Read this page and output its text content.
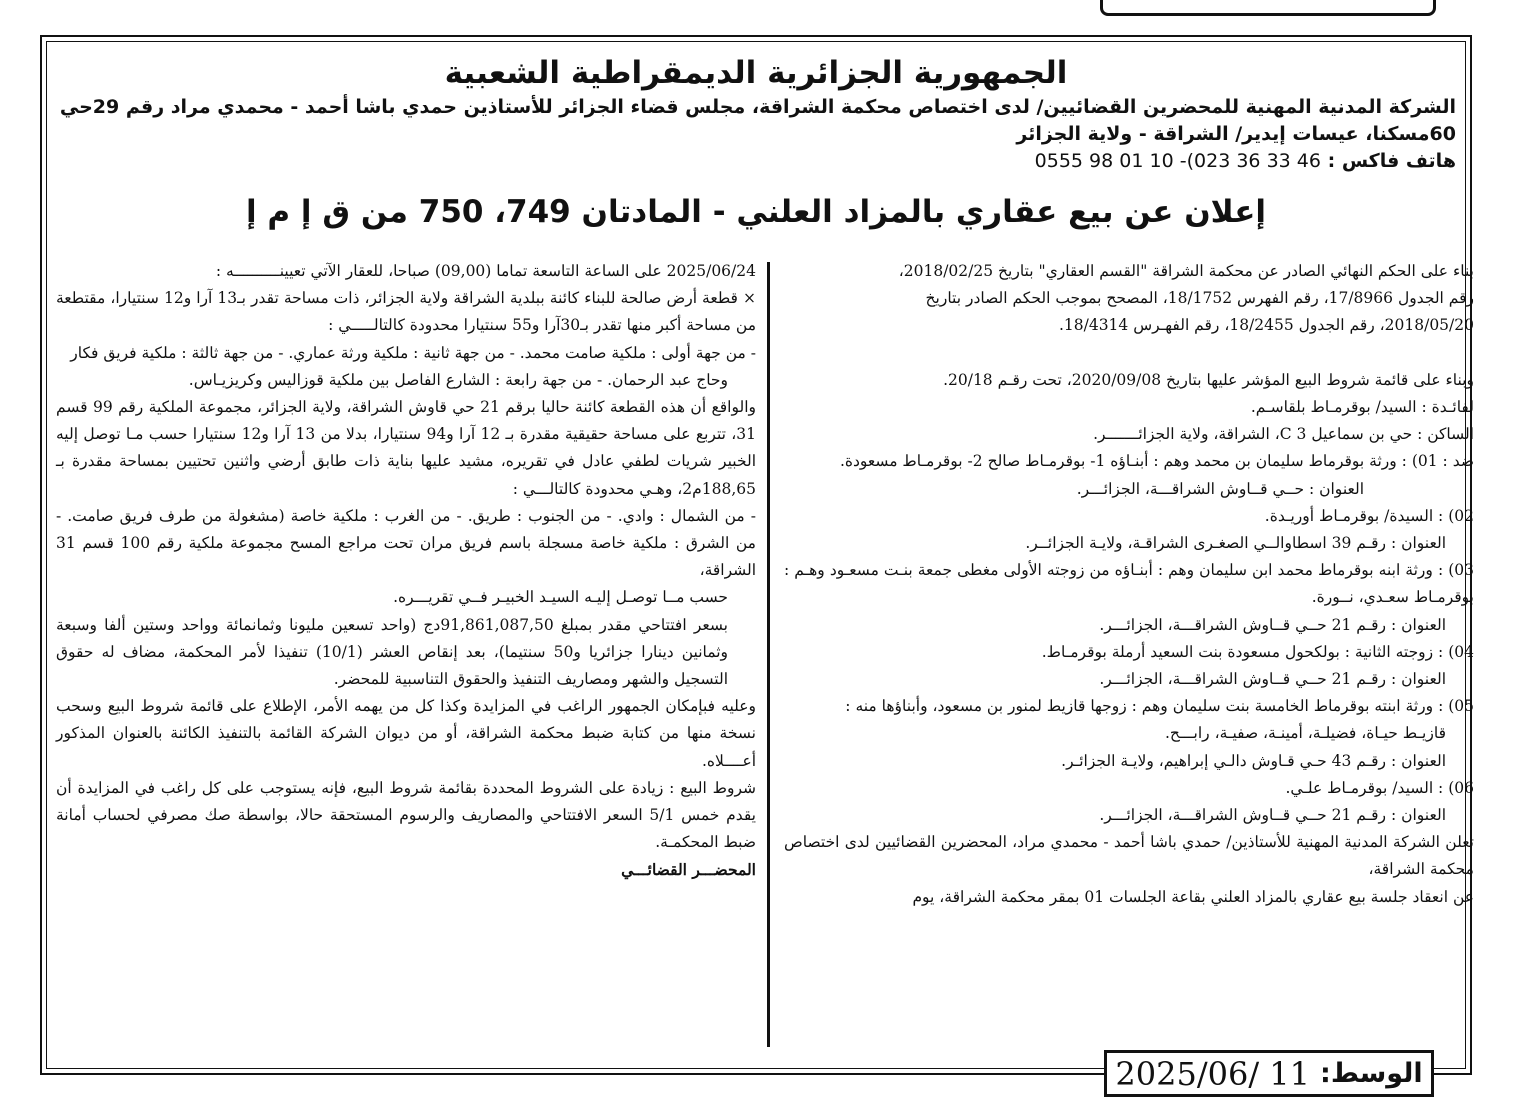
الجمهورية الجزائرية الديمقراطية الشعبية

الشركة المدنية المهنية للمحضرين القضائيين/ لدى اختصاص محكمة الشراقة، مجلس قضاء الجزائر للأستاذين حمدي باشا أحمد - محمدي مراد رقم 29حي

60مسكنا، عيسات إيدير/ الشراقة - ولاية الجزائر

هاتف فاكس : 46 33 36 023)- 10 01 98 0555

إعلان عن بيع عقاري بالمزاد العلني - المادتان 749، 750 من ق إ م إ

بناء على الحكم النهائي الصادر عن محكمة الشراقة "القسم العقاري" بتاريخ 2018/02/25،

رقم الجدول 17/8966، رقم الفهرس 18/1752، المصحح بموجب الحكم الصادر بتاريخ

2018/05/20، رقم الجدول 18/2455، رقم الفهـرس 18/4314.

وبناء على قائمة شروط البيع المؤشر عليها بتاريخ 2020/09/08، تحت رقـم 20/18.

لفائـدة : السيد/ بوقرمـاط بلقاسـم.

الساكن : حي بن سماعيل 3 C، الشراقة، ولاية الجزائـــــــر.

ضد : 01) : ورثة بوقرماط سليمان بن محمد وهم : أبنـاؤه 1- بوقرمـاط صالح 2- بوقرمـاط مسعودة.

العنوان : حــي قــاوش الشراقـــة، الجزائـــر.

02) : السيدة/ بوقرمـاط أوريـدة.

العنوان : رقـم 39 اسطاوالــي الصغـرى الشراقـة، ولايـة الجزائــر.

03) : ورثة ابنه بوقرماط محمد ابن سليمان وهم : أبنـاؤه من زوجته الأولى مغطى جمعة بنـت مسعـود وهـم : بوقرمـاط سعـدي، نــورة.

العنوان : رقـم 21 حــي قــاوش الشراقـــة، الجزائـــر.

04) : زوجته الثانية : بولكحول مسعودة بنت السعيد أرملة بوقرمـاط.

العنوان : رقـم 21 حــي قــاوش الشراقـــة، الجزائـــر.

05) : ورثة ابنته بوقرماط الخامسة بنت سليمان وهم : زوجها قازيط لمنور بن مسعود، وأبناؤها منه :

قازيـط حيـاة، فضيلـة، أمينـة، صفيـة، رابـــح.

العنوان : رقـم 43 حـي قـاوش دالـي إبراهيم، ولايـة الجزائـر.

06) : السيد/ بوقرمـاط علـي.

العنوان : رقـم 21 حــي قــاوش الشراقـــة، الجزائـــر.

تعلن الشركة المدنية المهنية للأستاذين/ حمدي باشا أحمد - محمدي مراد، المحضرين القضائيين لدى اختصاص محكمة الشراقة،

عن انعقاد جلسة بيع عقاري بالمزاد العلني بقاعة الجلسات 01 بمقر محكمة الشراقة، يوم

2025/06/24 على الساعة التاسعة تماما (09,00) صباحا، للعقار الآتي تعيينــــــــــه :

× قطعة أرض صالحة للبناء كائنة ببلدية الشراقة ولاية الجزائر، ذات مساحة تقدر بـ13 آرا و12 سنتيارا، مقتطعة من مساحة أكبر منها تقدر بـ30آرا و55 سنتيارا محدودة كالتالـــــي :

- من جهة أولى : ملكية صامت محمد. - من جهة ثانية : ملكية ورثة عماري. - من جهة ثالثة : ملكية فريق فكار

وحاج عبد الرحمان. - من جهة رابعة : الشارع الفاصل بين ملكية قوزاليس وكريزيـاس.

والواقع أن هذه القطعة كائنة حاليا برقم 21 حي قاوش الشراقة، ولاية الجزائر، مجموعة الملكية رقم 99 قسم 31، تتربع على مساحة حقيقية مقدرة بـ 12 آرا و94 سنتيارا، بدلا من 13 آرا و12 سنتيارا حسب مـا توصل إليه الخبير شريات لطفي عادل في تقريره، مشيد عليها بناية ذات طابق أرضي واثنين تحتيين بمساحة مقدرة بـ 188,65م2، وهـي محدودة كالتالـــي :

- من الشمال : وادي. - من الجنوب : طريق. - من الغرب : ملكية خاصة (مشغولة من طرف فريق صامت. - من الشرق : ملكية خاصة مسجلة باسم فريق مران تحت مراجع المسح مجموعة ملكية رقم 100 قسم 31 الشراقة،

حسب مــا توصـل إليـه السيـد الخبيـر فــي تقريـــره.

بسعر افتتاحي مقدر بمبلغ 91,861,087,50دج (واحد تسعين مليونا وثمانمائة وواحد وستين ألفا وسبعة وثمانين دينارا جزائريا و50 سنتيما)، بعد إنقاص العشر (10/1) تنفيذا لأمر المحكمة، مضاف له حقوق التسجيل والشهر ومصاريف التنفيذ والحقوق التناسبية للمحضر.

وعليه فبإمكان الجمهور الراغب في المزايدة وكذا كل من يهمه الأمر، الإطلاع على قائمة شروط البيع وسحب نسخة منها من كتابة ضبط محكمة الشراقة، أو من ديوان الشركة القائمة بالتنفيذ الكائنة بالعنوان المذكور أعــــلاه.

شروط البيع : زيادة على الشروط المحددة بقائمة شروط البيع، فإنه يستوجب على كل راغب في المزايدة أن يقدم خمس 5/1 السعر الافتتاحي والمصاريف والرسوم المستحقة حالا، بواسطة صك مصرفي لحساب أمانة ضبط المحكمـة.

المحضـــر القضائـــي

الوسط:
2025/06/ 11
